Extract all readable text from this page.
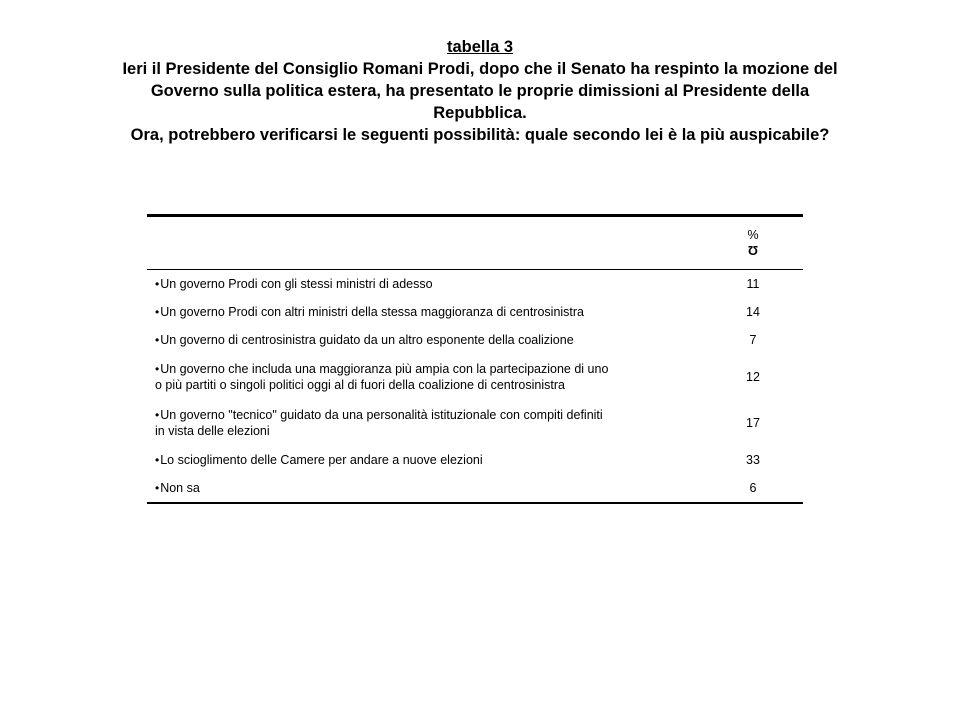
tabella 3

Ieri il Presidente del Consiglio Romani Prodi, dopo che il Senato ha respinto la mozione del

Governo sulla politica estera, ha presentato le proprie dimissioni al Presidente della

Repubblica.

Ora, potrebbero verificarsi le seguenti possibilità: quale secondo lei è la più auspicabile?

	%
Ʊ

•Un governo Prodi con gli stessi ministri di adesso	11
•Un governo Prodi con altri ministri della stessa maggioranza di centrosinistra	14
•Un governo di centrosinistra guidato da un altro esponente della coalizione	7
•Un governo che includa una maggioranza più ampia con la partecipazione di uno
o più partiti o singoli politici oggi al di fuori della coalizione di centrosinistra	12
•Un governo "tecnico" guidato da una personalità istituzionale con compiti definiti
in vista delle elezioni	17
•Lo scioglimento delle Camere per andare a nuove elezioni	33
•Non sa	6
